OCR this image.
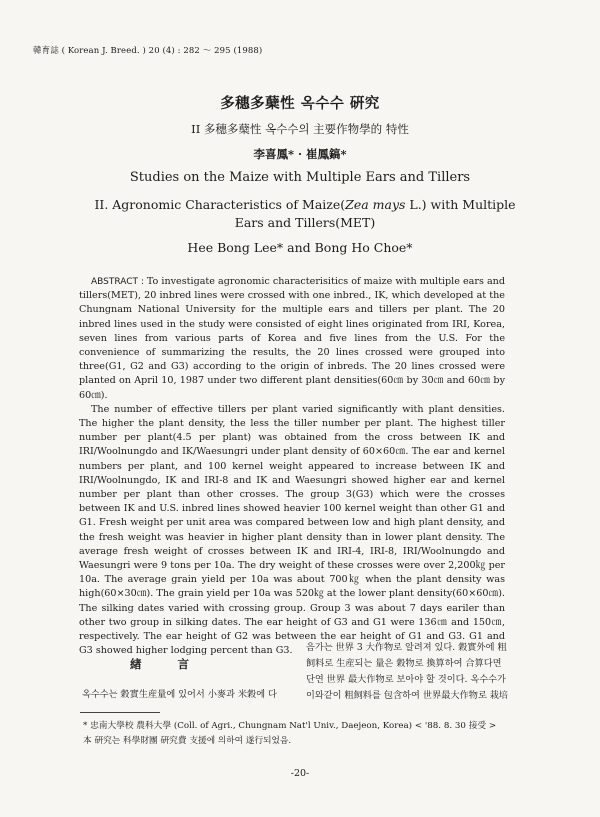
韓育誌 ( Korean J. Breed. ) 20 (4) : 282 ～ 295 (1988)
多穗多蘖性 옥수수 硏究
II 多穗多蘖性 옥수수의 主要作物學的 特性
李喜鳳* · 崔鳳鎬*
Studies on the Maize with Multiple Ears and Tillers
II. Agronomic Characteristics of Maize(Zea mays L.) with Multiple Ears and Tillers(MET)
Hee Bong Lee* and Bong Ho Choe*

ABSTRACT : To investigate agronomic characterisitics of maize with multiple ears and tillers(MET), 20 inbred lines were crossed with one inbred., IK, which developed at the Chungnam National University for the multiple ears and tillers per plant. The 20 inbred lines used in the study were consisted of eight lines originated from IRI, Korea, seven lines from various parts of Korea and five lines from the U.S. For the convenience of summarizing the results, the 20 lines crossed were grouped into three(G1, G2 and G3) according to the origin of inbreds. The 20 lines crossed were planted on April 10, 1987 under two different plant densities(60㎝ by 30㎝ and 60㎝ by 60㎝).

The number of effective tillers per plant varied significantly with plant densities. The higher the plant density, the less the tiller number per plant. The highest tiller number per plant(4.5 per plant) was obtained from the cross between IK and IRI/Woolnungdo and IK/Waesungri under plant density of 60×60㎝. The ear and kernel numbers per plant, and 100 kernel weight appeared to increase between IK and IRI/Woolnungdo, IK and IRI-8 and IK and Waesungri showed higher ear and kernel number per plant than other crosses. The group 3(G3) which were the crosses between IK and U.S. inbred lines showed heavier 100 kernel weight than other G1 and G1. Fresh weight per unit area was compared between low and high plant density, and the fresh weight was heavier in higher plant density than in lower plant density. The average fresh weight of crosses between IK and IRI-4, IRI-8, IRI/Woolnungdo and Waesungri were 9 tons per 10a. The dry weight of these crosses were over 2,200㎏ per 10a. The average grain yield per 10a was about 700㎏ when the plant density was high(60×30㎝). The grain yield per 10a was 520㎏ at the lower plant density(60×60㎝). The silking dates varied with crossing group. Group 3 was about 7 days eariler than other two group in silking dates. The ear height of G3 and G1 were 136㎝ and 150㎝, respectively. The ear height of G2 was between the ear height of G1 and G3. G1 and G3 showed higher lodging percent than G3.

緖言
옥수수는 穀實生産量에 있어서 小麥과 米穀에 다
음가는 世界 3 大作物로 알려져 있다. 穀實外에 粗
飼料로 生産되는 量은 穀物로 換算하여 合算다면
단연 世界 最大作物로 보아야 할 것이다. 옥수수가
이와같이 粗飼料를 包含하여 世界最大作物로 栽培
* 忠南大學校 農科大學 (Coll. of Agri., Chungnam Nat'l Univ., Daejeon, Korea) < '88. 8. 30 接受 >
本 硏究는 科學財團 硏究費 支援에 의하여 遂行되었음.
-20-
